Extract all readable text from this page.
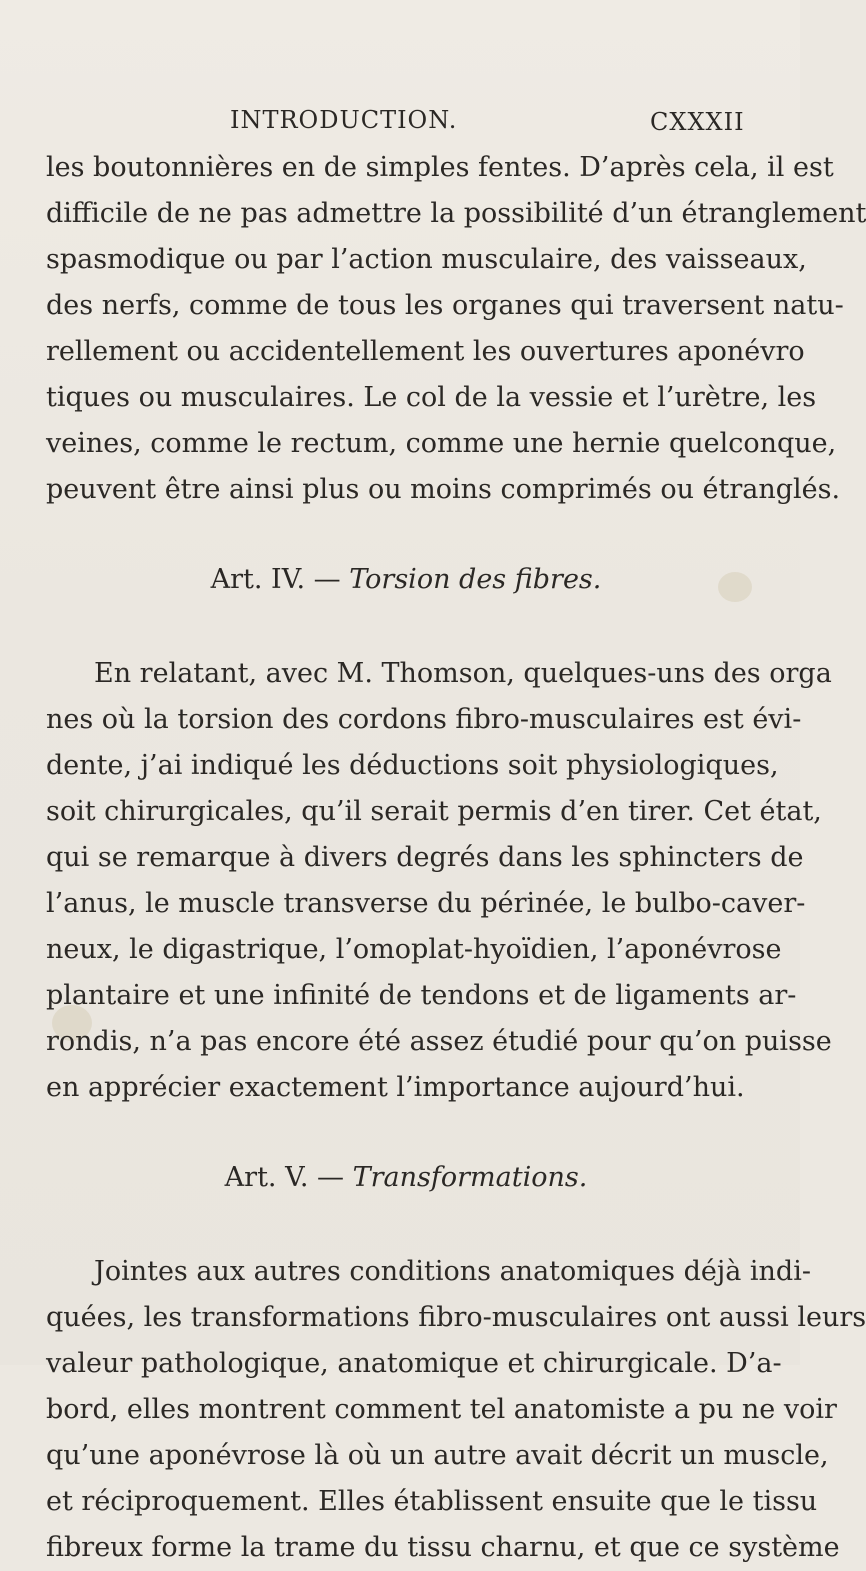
INTRODUCTION.	CXXXII
les boutonnières en de simples fentes. D’après cela, il est
difficile de ne pas admettre la possibilité d’un étranglement
spasmodique ou par l’action musculaire, des vaisseaux,
des nerfs, comme de tous les organes qui traversent natu-
rellement ou accidentellement les ouvertures aponévro
tiques ou musculaires. Le col de la vessie et l’urètre, les
veines, comme le rectum, comme une hernie quelconque,
peuvent être ainsi plus ou moins comprimés ou étranglés.
Art. IV. — Torsion des fibres.
En relatant, avec M. Thomson, quelques-uns des orga
nes où la torsion des cordons fibro-musculaires est évi-
dente, j’ai indiqué les déductions soit physiologiques,
soit chirurgicales, qu’il serait permis d’en tirer. Cet état,
qui se remarque à divers degrés dans les sphincters de
l’anus, le muscle transverse du périnée, le bulbo-caver-
neux, le digastrique, l’omoplat-hyoïdien, l’aponévrose
plantaire et une infinité de tendons et de ligaments ar-
rondis, n’a pas encore été assez étudié pour qu’on puisse
en apprécier exactement l’importance aujourd’hui.
Art. V. — Transformations.
Jointes aux autres conditions anatomiques déjà indi-
quées, les transformations fibro-musculaires ont aussi leurs
valeur pathologique, anatomique et chirurgicale. D’a-
bord, elles montrent comment tel anatomiste a pu ne voir
qu’une aponévrose là où un autre avait décrit un muscle,
et réciproquement. Elles établissent ensuite que le tissu
fibreux forme la trame du tissu charnu, et que ce système
